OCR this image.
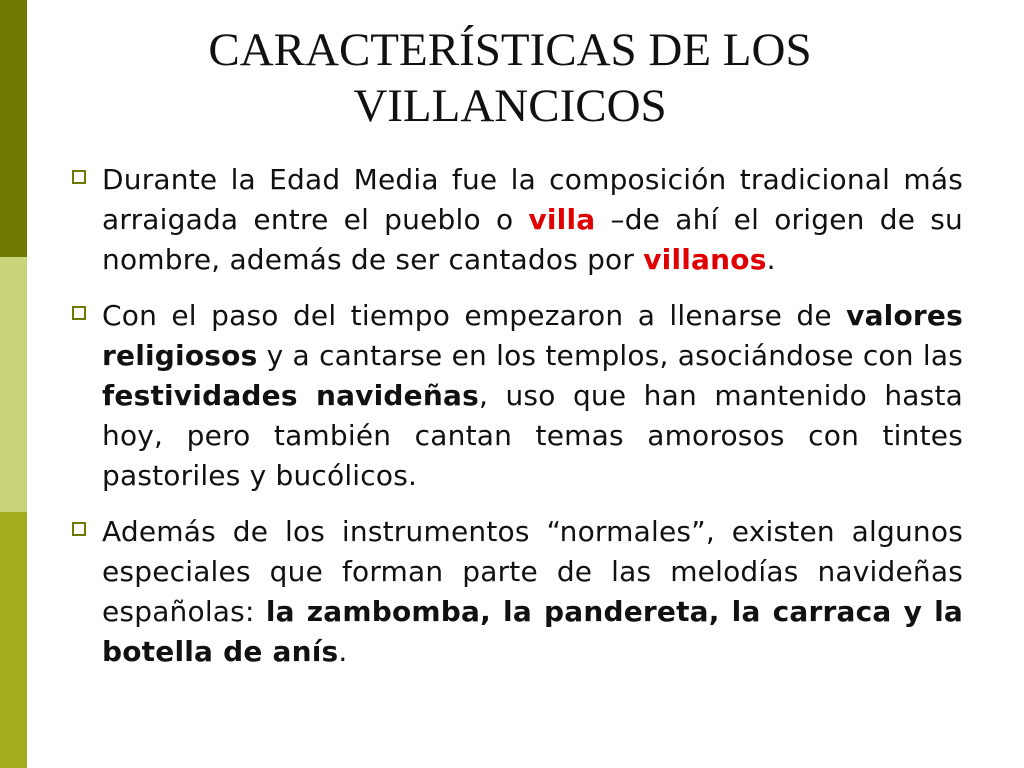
CARACTERÍSTICAS DE LOS VILLANCICOS
Durante la Edad Media fue la composición tradicional más arraigada entre el pueblo o villa –de ahí el origen de su nombre, además de ser cantados por villanos.
Con el paso del tiempo empezaron a llenarse de valores religiosos y a cantarse en los templos, asociándose con las festividades navideñas, uso que han mantenido hasta hoy, pero también cantan temas amorosos con tintes pastoriles y bucólicos.
Además de los instrumentos “normales”, existen algunos especiales que forman parte de las melodías navideñas españolas: la zambomba, la pandereta, la carraca y la botella de anís.
